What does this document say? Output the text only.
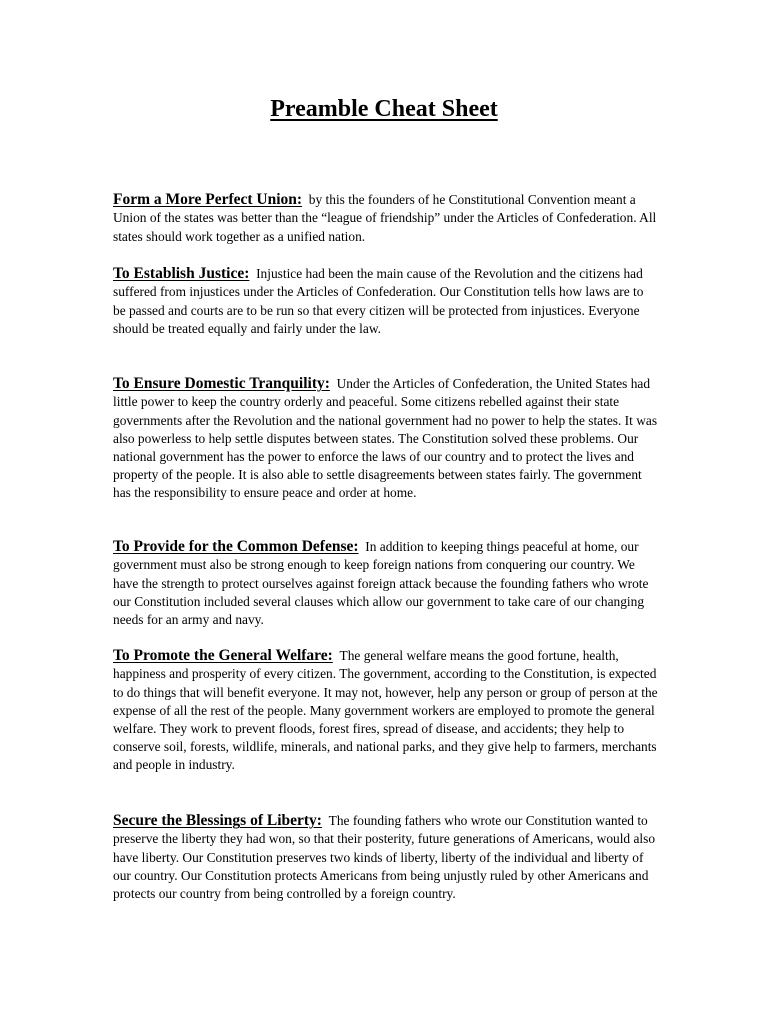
Preamble Cheat Sheet

Form a More Perfect Union: by this the founders of he Constitutional Convention meant a Union of the states was better than the “league of friendship” under the Articles of Confederation. All states should work together as a unified nation.

To Establish Justice: Injustice had been the main cause of the Revolution and the citizens had suffered from injustices under the Articles of Confederation. Our Constitution tells how laws are to be passed and courts are to be run so that every citizen will be protected from injustices. Everyone should be treated equally and fairly under the law.

To Ensure Domestic Tranquility: Under the Articles of Confederation, the United States had little power to keep the country orderly and peaceful. Some citizens rebelled against their state governments after the Revolution and the national government had no power to help the states. It was also powerless to help settle disputes between states. The Constitution solved these problems. Our national government has the power to enforce the laws of our country and to protect the lives and property of the people. It is also able to settle disagreements between states fairly. The government has the responsibility to ensure peace and order at home.

To Provide for the Common Defense: In addition to keeping things peaceful at home, our government must also be strong enough to keep foreign nations from conquering our country. We have the strength to protect ourselves against foreign attack because the founding fathers who wrote our Constitution included several clauses which allow our government to take care of our changing needs for an army and navy.

To Promote the General Welfare: The general welfare means the good fortune, health, happiness and prosperity of every citizen. The government, according to the Constitution, is expected to do things that will benefit everyone. It may not, however, help any person or group of person at the expense of all the rest of the people. Many government workers are employed to promote the general welfare. They work to prevent floods, forest fires, spread of disease, and accidents; they help to conserve soil, forests, wildlife, minerals, and national parks, and they give help to farmers, merchants and people in industry.

Secure the Blessings of Liberty: The founding fathers who wrote our Constitution wanted to preserve the liberty they had won, so that their posterity, future generations of Americans, would also have liberty. Our Constitution preserves two kinds of liberty, liberty of the individual and liberty of our country. Our Constitution protects Americans from being unjustly ruled by other Americans and protects our country from being controlled by a foreign country.
